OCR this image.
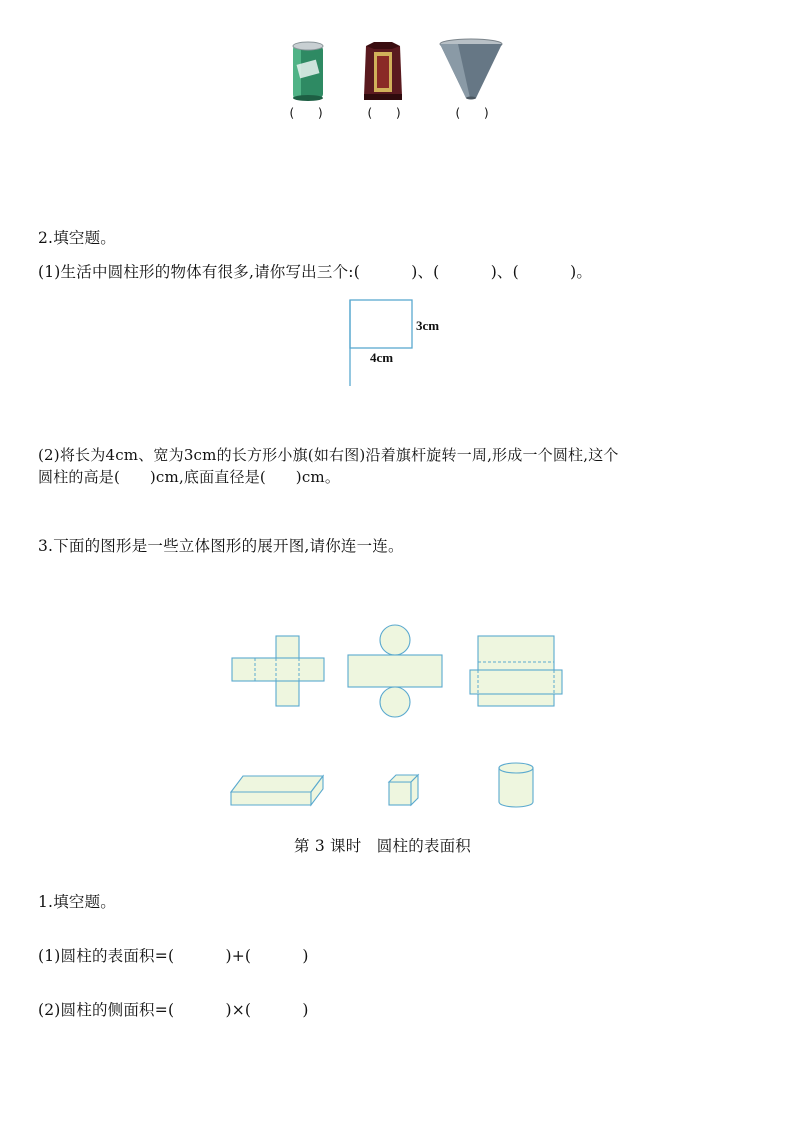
(   )	(   )	(   )
2.填空题。
(1)生活中圆柱形的物体有很多,请你写出三个:(          )、(          )、(          )。
3cm
4cm
(2)将长为4cm、宽为3cm的长方形小旗(如右图)沿着旗杆旋转一周,形成一个圆柱,这个
圆柱的高是(      )cm,底面直径是(      )cm。
3.下面的图形是一些立体图形的展开图,请你连一连。
第 3 课时   圆柱的表面积
1.填空题。
(1)圆柱的表面积=(          )+(          )
(2)圆柱的侧面积=(          )×(          )
